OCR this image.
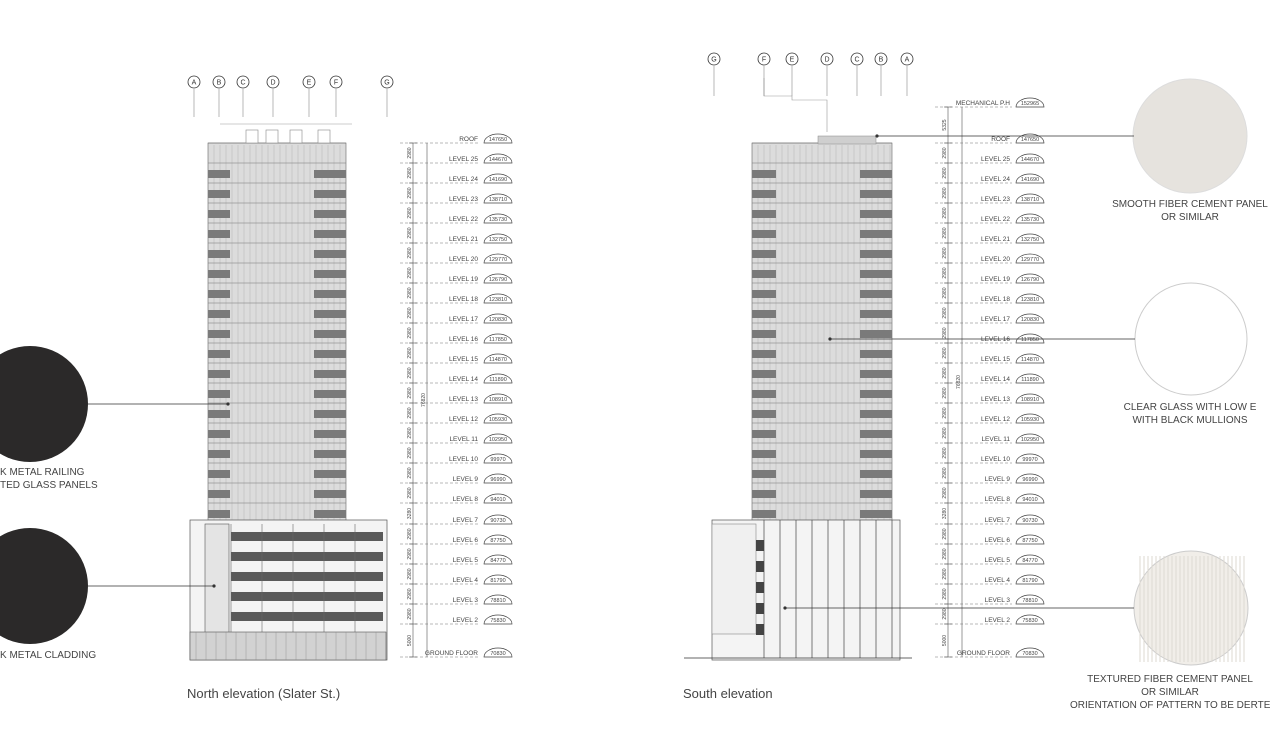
A	B	C	D	E	F	G
G	F	E	D	C	B	A
ROOF 147650
LEVEL 25 144670
LEVEL 24 141690
LEVEL 23 138710
LEVEL 22 135730
LEVEL 21 132750
LEVEL 20 129770
LEVEL 19 126790
LEVEL 18 123810
LEVEL 17 120830
LEVEL 16 117850
LEVEL 15 114870
LEVEL 14 111890
LEVEL 13 108910
LEVEL 12 105930
LEVEL 11 102950
LEVEL 10 99970
LEVEL 9 96990
LEVEL 8 94010
LEVEL 7 90730
LEVEL 6 87750
LEVEL 5 84770
LEVEL 4 81790
LEVEL 3 78810
LEVEL 2 75830
GROUND FLOOR 70830
2980
2980
2980
2980
2980
2980
2980
2980
2980
2980
2980
2980
2980
2980
2980
2980
2980
2980
3280
2980
2980
2980
2980
2980
5000
76820
MECHANICAL P.H 152965
ROOF 147650
LEVEL 25 144670
LEVEL 24 141690
LEVEL 23 138710
LEVEL 22 135730
LEVEL 21 132750
LEVEL 20 129770
LEVEL 19 126790
LEVEL 18 123810
LEVEL 17 120830
LEVEL 16 117850
LEVEL 15 114870
LEVEL 14 111890
LEVEL 13 108910
LEVEL 12 105930
LEVEL 11 102950
LEVEL 10 99970
LEVEL 9 96990
LEVEL 8 94010
LEVEL 7 90730
LEVEL 6 87750
LEVEL 5 84770
LEVEL 4 81790
LEVEL 3 78810
LEVEL 2 75830
GROUND FLOOR 70830
5325
2980
2980
2980
2980
2980
2980
2980
2980
2980
2980
2980
2980
2980
2980
2980
2980
2980
2980
3280
2980
2980
2980
2980
2980
5000
76820
North elevation (Slater St.)	South elevation
K METAL RAILING
TED GLASS PANELS
K METAL CLADDING
SMOOTH FIBER CEMENT PANEL
OR SIMILAR
CLEAR GLASS WITH LOW E
WITH BLACK MULLIONS
TEXTURED FIBER CEMENT PANEL
OR SIMILAR
ORIENTATION OF PATTERN TO BE DERTE
